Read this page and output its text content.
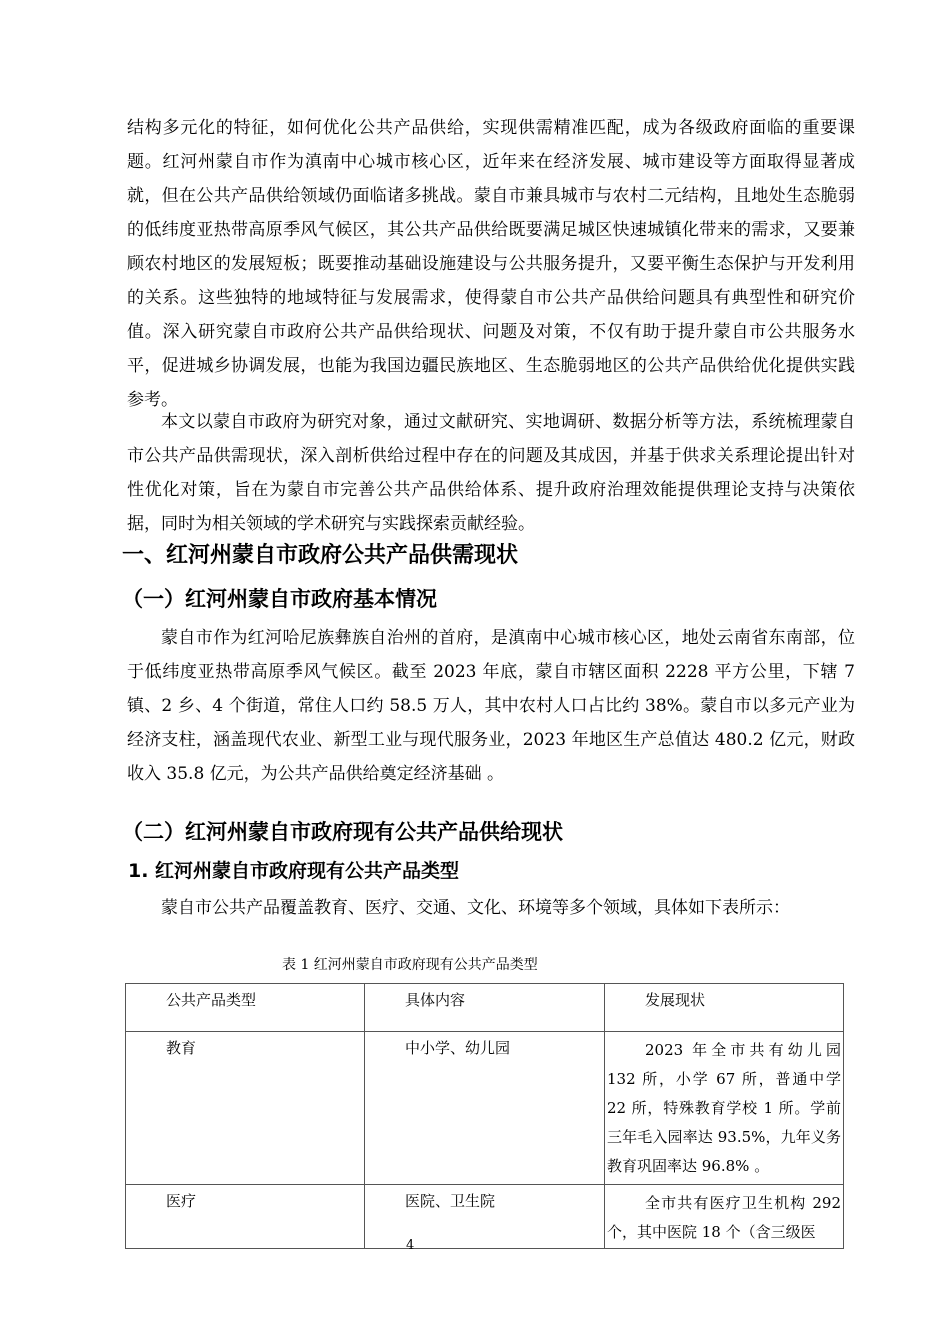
结构多元化的特征，如何优化公共产品供给，实现供需精准匹配，成为各级政府面临的重要课题。红河州蒙自市作为滇南中心城市核心区，近年来在经济发展、城市建设等方面取得显著成就，但在公共产品供给领域仍面临诸多挑战。蒙自市兼具城市与农村二元结构，且地处生态脆弱的低纬度亚热带高原季风气候区，其公共产品供给既要满足城区快速城镇化带来的需求，又要兼顾农村地区的发展短板；既要推动基础设施建设与公共服务提升，又要平衡生态保护与开发利用的关系。这些独特的地域特征与发展需求，使得蒙自市公共产品供给问题具有典型性和研究价值。深入研究蒙自市政府公共产品供给现状、问题及对策，不仅有助于提升蒙自市公共服务水平，促进城乡协调发展，也能为我国边疆民族地区、生态脆弱地区的公共产品供给优化提供实践参考。

本文以蒙自市政府为研究对象，通过文献研究、实地调研、数据分析等方法，系统梳理蒙自市公共产品供需现状，深入剖析供给过程中存在的问题及其成因，并基于供求关系理论提出针对性优化对策，旨在为蒙自市完善公共产品供给体系、提升政府治理效能提供理论支持与决策依据，同时为相关领域的学术研究与实践探索贡献经验。

一、红河州蒙自市政府公共产品供需现状
（一）红河州蒙自市政府基本情况

蒙自市作为红河哈尼族彝族自治州的首府，是滇南中心城市核心区，地处云南省东南部，位于低纬度亚热带高原季风气候区。截至 2023 年底，蒙自市辖区面积 2228 平方公里，下辖 7 镇、2 乡、4 个街道，常住人口约 58.5 万人，其中农村人口占比约 38%。蒙自市以多元产业为经济支柱，涵盖现代农业、新型工业与现代服务业，2023 年地区生产总值达 480.2 亿元，财政收入 35.8 亿元，为公共产品供给奠定经济基础 。

（二）红河州蒙自市政府现有公共产品供给现状
1. 红河州蒙自市政府现有公共产品类型

蒙自市公共产品覆盖教育、医疗、交通、文化、环境等多个领域，具体如下表所示：

表 1 红河州蒙自市政府现有公共产品类型
公共产品类型	具体内容	发展现状

教育	中小学、幼儿园	2023 年全市共有幼儿园 132 所，小学 67 所，普通中学 22 所，特殊教育学校 1 所。学前三年毛入园率达 93.5%，九年义务教育巩固率达 96.8% 。

医疗	医院、卫生院	全市共有医疗卫生机构 292 个，其中医院 18 个（含三级医
4
